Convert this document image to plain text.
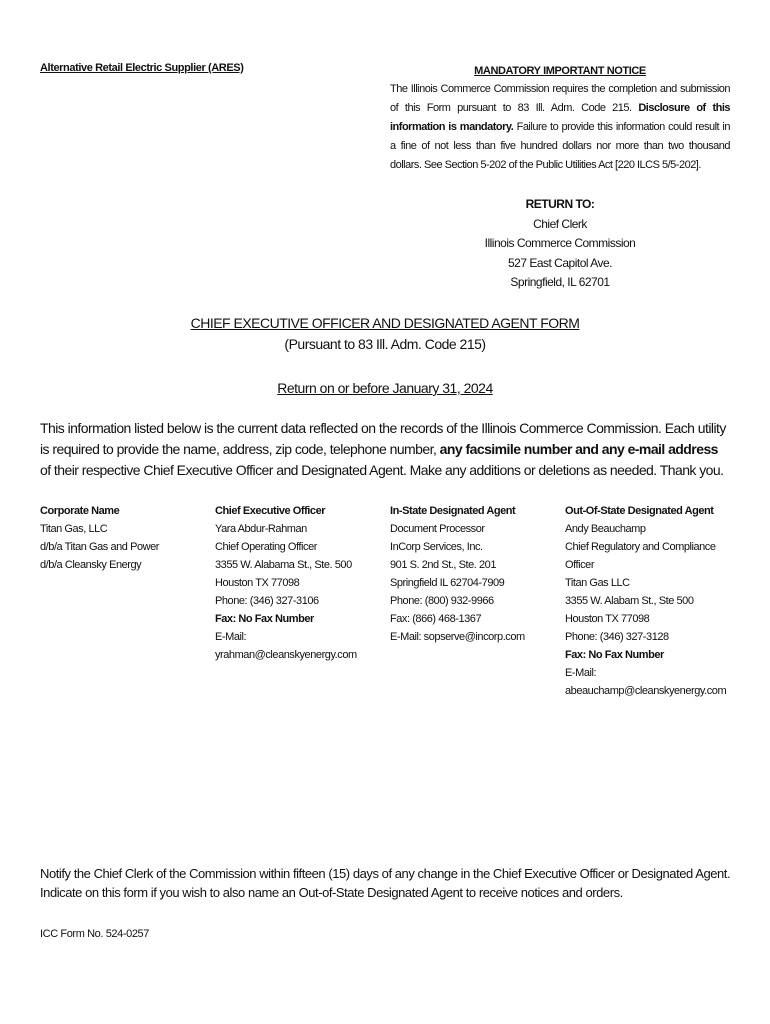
Alternative Retail Electric Supplier (ARES)	MANDATORY IMPORTANT NOTICE
The Illinois Commerce Commission requires the completion and submission of this Form pursuant to 83 Ill. Adm. Code 215. Disclosure of this information is mandatory. Failure to provide this information could result in a fine of not less than five hundred dollars nor more than two thousand dollars. See Section 5-202 of the Public Utilities Act [220 ILCS 5/5-202].
RETURN TO:
Chief Clerk
Illinois Commerce Commission
527 East Capitol Ave.
Springfield, IL 62701
CHIEF EXECUTIVE OFFICER AND DESIGNATED AGENT FORM
(Pursuant to 83 Ill. Adm. Code 215)
Return on or before January 31, 2024
This information listed below is the current data reflected on the records of the Illinois Commerce Commission. Each utility is required to provide the name, address, zip code, telephone number, any facsimile number and any e-mail address of their respective Chief Executive Officer and Designated Agent. Make any additions or deletions as needed. Thank you.
Corporate Name
Titan Gas, LLC
d/b/a Titan Gas and Power
d/b/a Cleansky Energy
Chief Executive Officer
Yara Abdur-Rahman
Chief Operating Officer
3355 W. Alabama St., Ste. 500
Houston TX 77098
Phone: (346) 327-3106
Fax: No Fax Number
E-Mail: yrahman@cleanskyenergy.com
In-State Designated Agent
Document Processor
InCorp Services, Inc.
901 S. 2nd St., Ste. 201
Springfield IL 62704-7909
Phone: (800) 932-9966
Fax: (866) 468-1367
E-Mail: sopserve@incorp.com
Out-Of-State Designated Agent
Andy Beauchamp
Chief Regulatory and Compliance Officer
Titan Gas LLC
3355 W. Alabam St., Ste 500
Houston TX 77098
Phone: (346) 327-3128
Fax: No Fax Number
E-Mail:
abeauchamp@cleanskyenergy.com
Notify the Chief Clerk of the Commission within fifteen (15) days of any change in the Chief Executive Officer or Designated Agent.
Indicate on this form if you wish to also name an Out-of-State Designated Agent to receive notices and orders.
ICC Form No. 524-0257
